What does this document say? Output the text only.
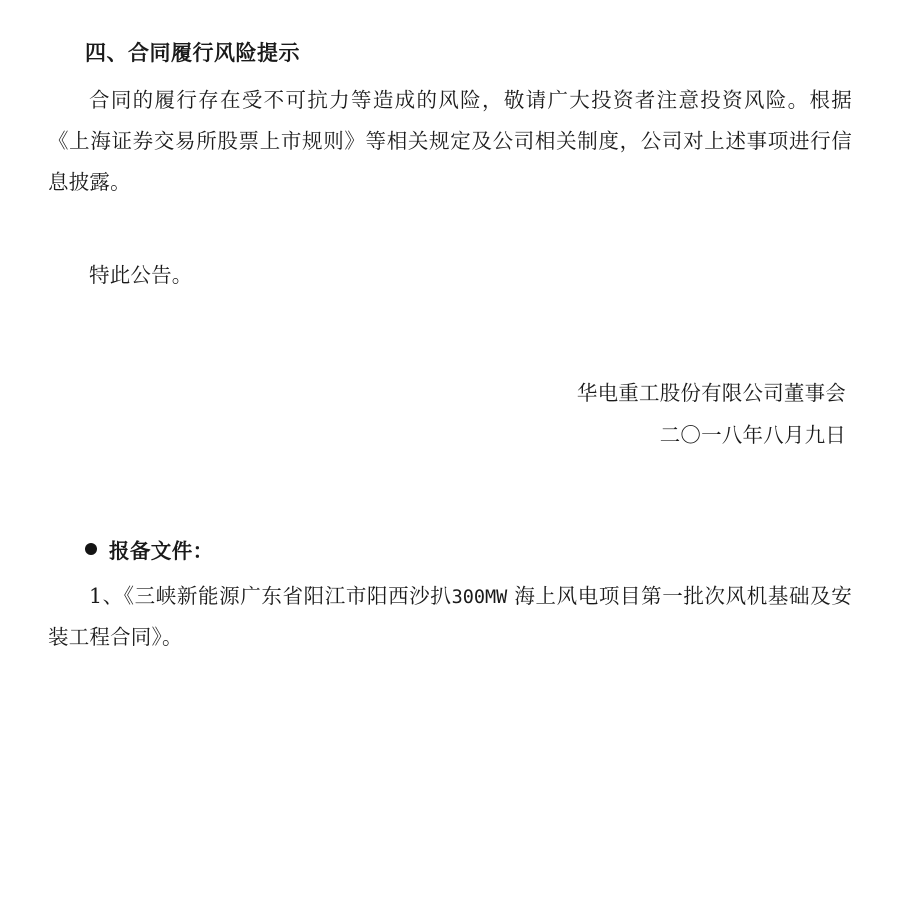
四、合同履行风险提示

合同的履行存在受不可抗力等造成的风险，敬请广大投资者注意投资风险。根据《上海证券交易所股票上市规则》等相关规定及公司相关制度，公司对上述事项进行信息披露。

特此公告。

华电重工股份有限公司董事会
二〇一八年八月九日
报备文件：

1、《三峡新能源广东省阳江市阳西沙扒300MW 海上风电项目第一批次风机基础及安装工程合同》。
